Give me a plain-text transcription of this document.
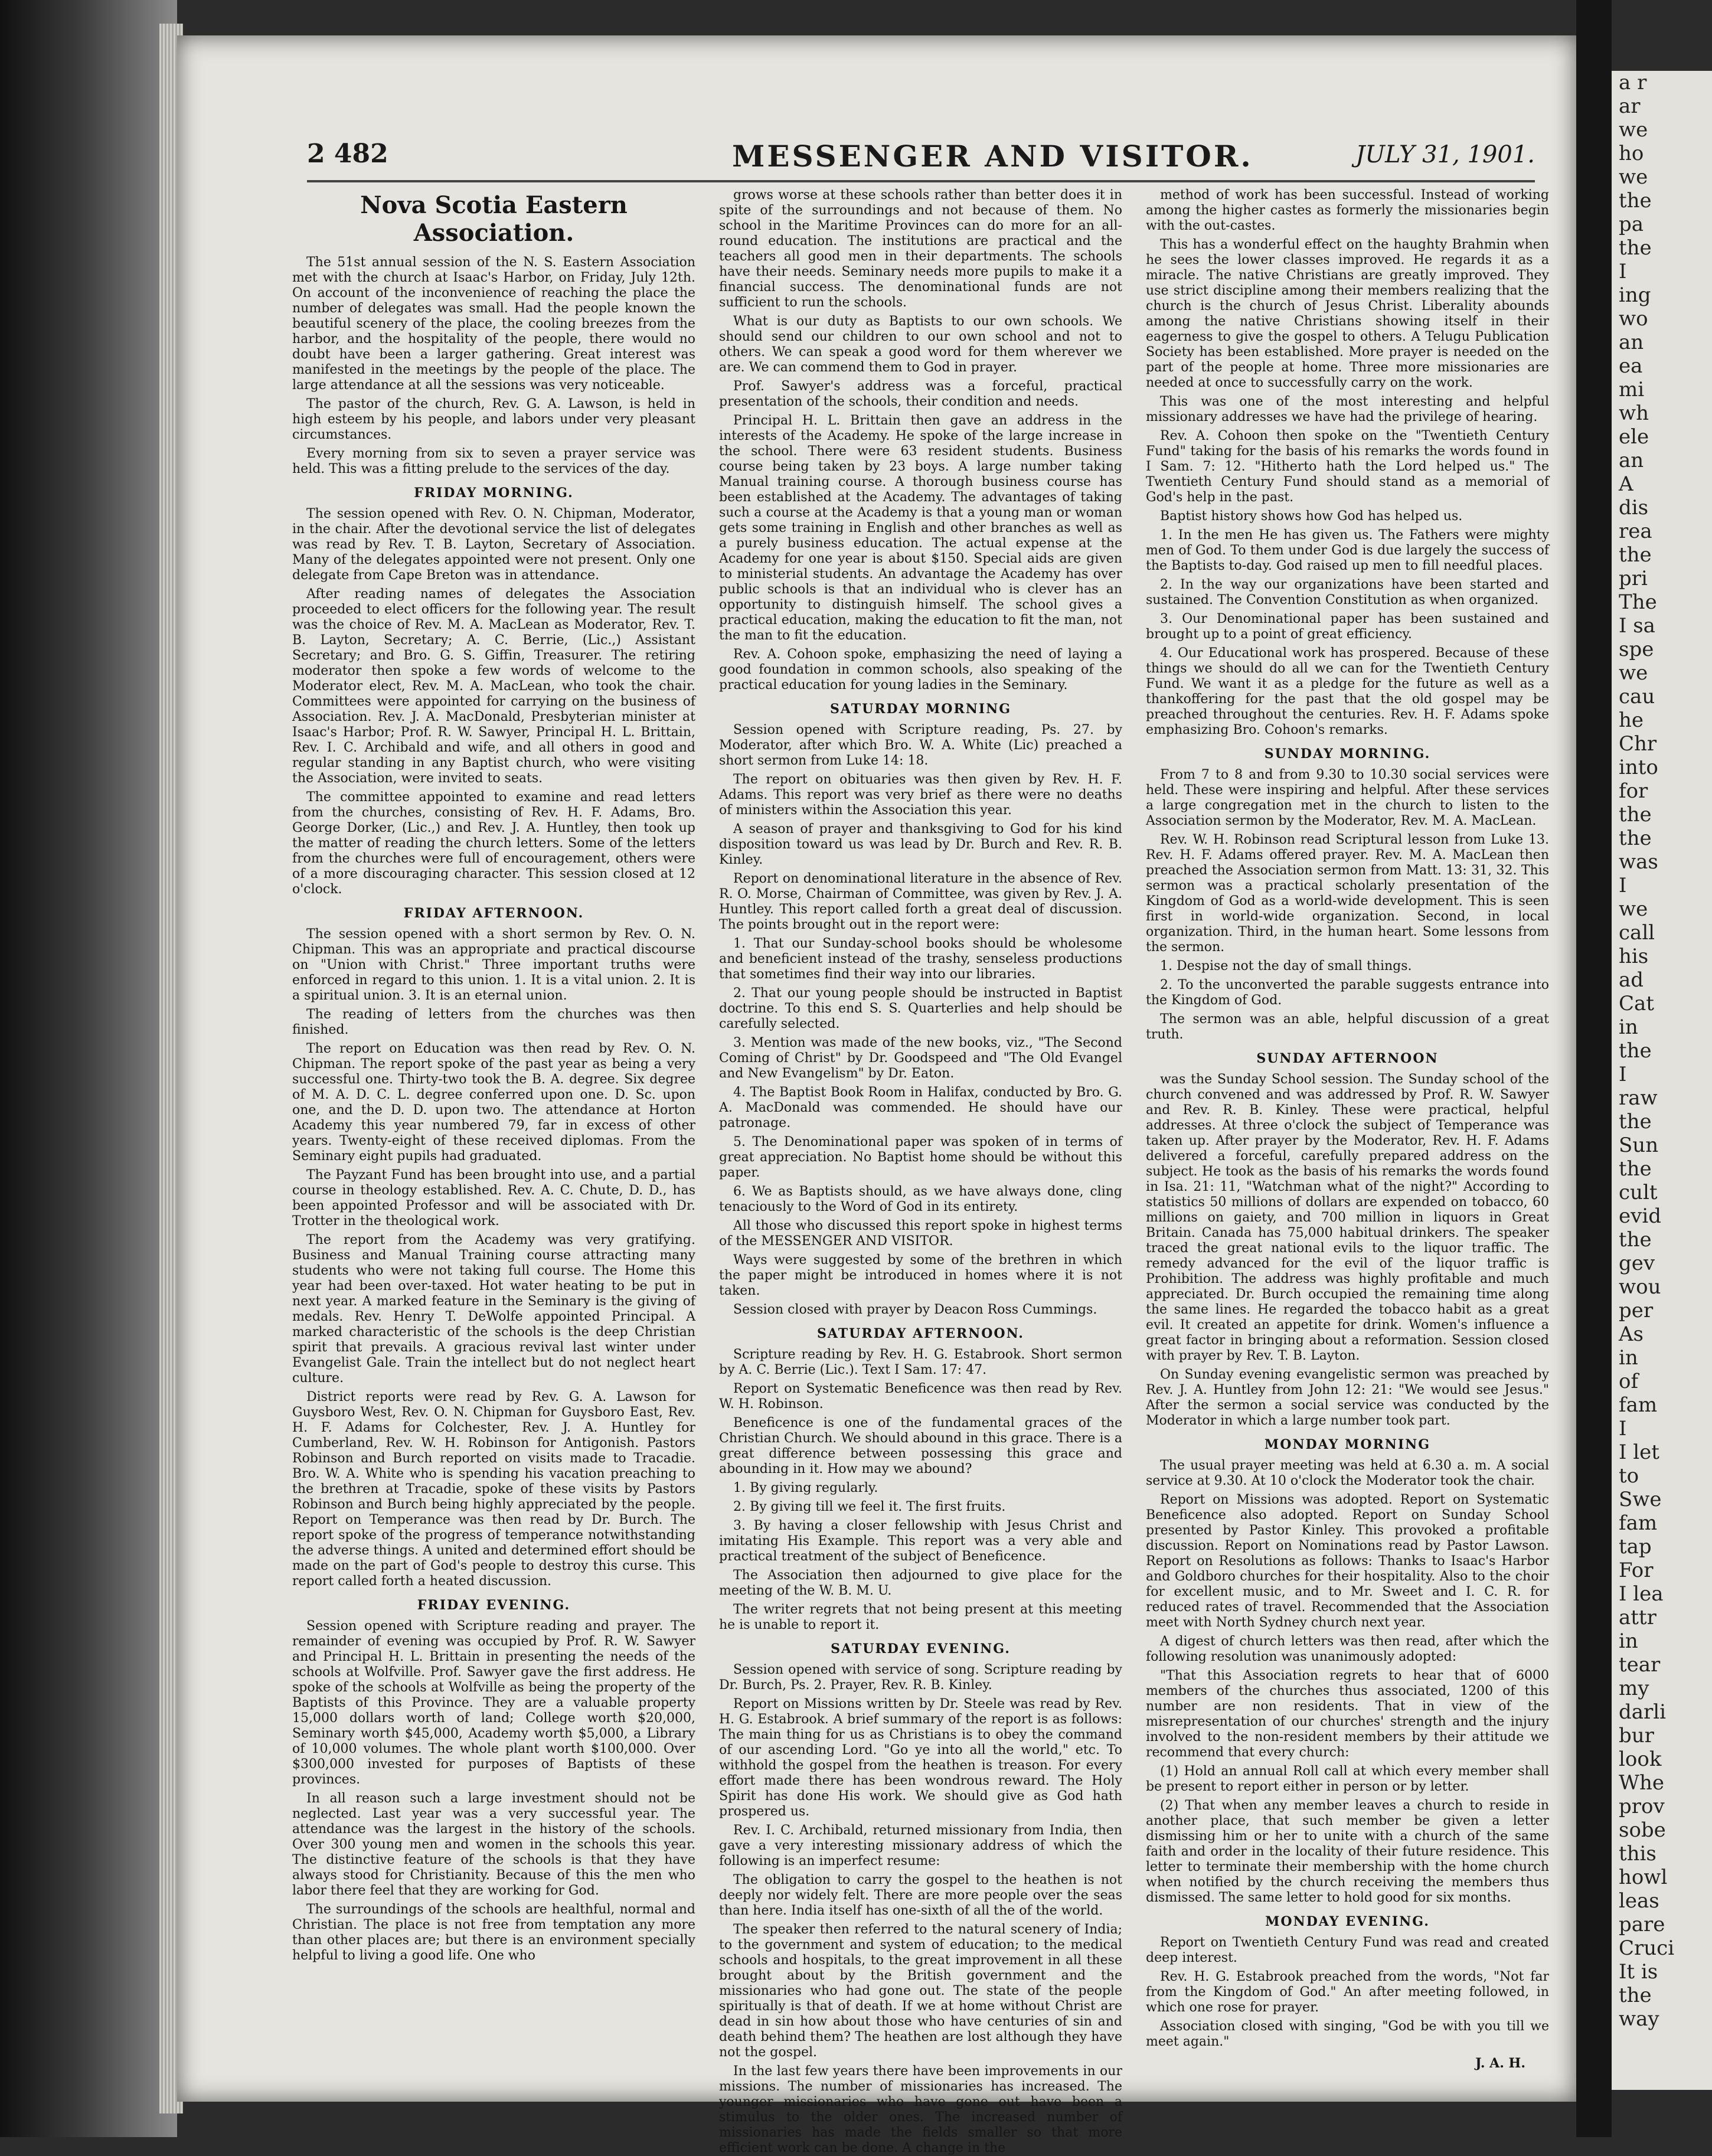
2 482	MESSENGER AND VISITOR.	JULY 31, 1901.
Nova Scotia Eastern Association.

The 51st annual session of the N. S. Eastern Association met with the church at Isaac's Harbor, on Friday, July 12th. On account of the inconvenience of reaching the place the number of delegates was small. Had the people known the beautiful scenery of the place, the cooling breezes from the harbor, and the hospitality of the people, there would no doubt have been a larger gathering. Great interest was manifested in the meetings by the people of the place. The large attendance at all the sessions was very noticeable.

The pastor of the church, Rev. G. A. Lawson, is held in high esteem by his people, and labors under very pleasant circumstances.

Every morning from six to seven a prayer service was held. This was a fitting prelude to the services of the day.

FRIDAY MORNING.

The session opened with Rev. O. N. Chipman, Moderator, in the chair. After the devotional service the list of delegates was read by Rev. T. B. Layton, Secretary of Association. Many of the delegates appointed were not present. Only one delegate from Cape Breton was in attendance.

After reading names of delegates the Association proceeded to elect officers for the following year. The result was the choice of Rev. M. A. MacLean as Moderator, Rev. T. B. Layton, Secretary; A. C. Berrie, (Lic.,) Assistant Secretary; and Bro. G. S. Giffin, Treasurer. The retiring moderator then spoke a few words of welcome to the Moderator elect, Rev. M. A. MacLean, who took the chair. Committees were appointed for carrying on the business of Association. Rev. J. A. MacDonald, Presbyterian minister at Isaac's Harbor; Prof. R. W. Sawyer, Principal H. L. Brittain, Rev. I. C. Archibald and wife, and all others in good and regular standing in any Baptist church, who were visiting the Association, were invited to seats.

The committee appointed to examine and read letters from the churches, consisting of Rev. H. F. Adams, Bro. George Dorker, (Lic.,) and Rev. J. A. Huntley, then took up the matter of reading the church letters. Some of the letters from the churches were full of encouragement, others were of a more discouraging character. This session closed at 12 o'clock.

FRIDAY AFTERNOON.

The session opened with a short sermon by Rev. O. N. Chipman. This was an appropriate and practical discourse on "Union with Christ." Three important truths were enforced in regard to this union. 1. It is a vital union. 2. It is a spiritual union. 3. It is an eternal union.

The reading of letters from the churches was then finished.

The report on Education was then read by Rev. O. N. Chipman. The report spoke of the past year as being a very successful one. Thirty-two took the B. A. degree. Six degree of M. A. D. C. L. degree conferred upon one. D. Sc. upon one, and the D. D. upon two. The attendance at Horton Academy this year numbered 79, far in excess of other years. Twenty-eight of these received diplomas. From the Seminary eight pupils had graduated.

The Payzant Fund has been brought into use, and a partial course in theology established. Rev. A. C. Chute, D. D., has been appointed Professor and will be associated with Dr. Trotter in the theological work.

The report from the Academy was very gratifying. Business and Manual Training course attracting many students who were not taking full course. The Home this year had been over-taxed. Hot water heating to be put in next year. A marked feature in the Seminary is the giving of medals. Rev. Henry T. DeWolfe appointed Principal. A marked characteristic of the schools is the deep Christian spirit that prevails. A gracious revival last winter under Evangelist Gale. Train the intellect but do not neglect heart culture.

District reports were read by Rev. G. A. Lawson for Guysboro West, Rev. O. N. Chipman for Guysboro East, Rev. H. F. Adams for Colchester, Rev. J. A. Huntley for Cumberland, Rev. W. H. Robinson for Antigonish. Pastors Robinson and Burch reported on visits made to Tracadie. Bro. W. A. White who is spending his vacation preaching to the brethren at Tracadie, spoke of these visits by Pastors Robinson and Burch being highly appreciated by the people. Report on Temperance was then read by Dr. Burch. The report spoke of the progress of temperance notwithstanding the adverse things. A united and determined effort should be made on the part of God's people to destroy this curse. This report called forth a heated discussion.

FRIDAY EVENING.

Session opened with Scripture reading and prayer. The remainder of evening was occupied by Prof. R. W. Sawyer and Principal H. L. Brittain in presenting the needs of the schools at Wolfville. Prof. Sawyer gave the first address. He spoke of the schools at Wolfville as being the property of the Baptists of this Province. They are a valuable property 15,000 dollars worth of land; College worth $20,000, Seminary worth $45,000, Academy worth $5,000, a Library of 10,000 volumes. The whole plant worth $100,000. Over $300,000 invested for purposes of Baptists of these provinces.

In all reason such a large investment should not be neglected. Last year was a very successful year. The attendance was the largest in the history of the schools. Over 300 young men and women in the schools this year. The distinctive feature of the schools is that they have always stood for Christianity. Because of this the men who labor there feel that they are working for God.

The surroundings of the schools are healthful, normal and Christian. The place is not free from temptation any more than other places are; but there is an environment specially helpful to living a good life. One who

grows worse at these schools rather than better does it in spite of the surroundings and not because of them. No school in the Maritime Provinces can do more for an all-round education. The institutions are practical and the teachers all good men in their departments. The schools have their needs. Seminary needs more pupils to make it a financial success. The denominational funds are not sufficient to run the schools.

What is our duty as Baptists to our own schools. We should send our children to our own school and not to others. We can speak a good word for them wherever we are. We can commend them to God in prayer.

Prof. Sawyer's address was a forceful, practical presentation of the schools, their condition and needs.

Principal H. L. Brittain then gave an address in the interests of the Academy. He spoke of the large increase in the school. There were 63 resident students. Business course being taken by 23 boys. A large number taking Manual training course. A thorough business course has been established at the Academy. The advantages of taking such a course at the Academy is that a young man or woman gets some training in English and other branches as well as a purely business education. The actual expense at the Academy for one year is about $150. Special aids are given to ministerial students. An advantage the Academy has over public schools is that an individual who is clever has an opportunity to distinguish himself. The school gives a practical education, making the education to fit the man, not the man to fit the education.

Rev. A. Cohoon spoke, emphasizing the need of laying a good foundation in common schools, also speaking of the practical education for young ladies in the Seminary.

SATURDAY MORNING

Session opened with Scripture reading, Ps. 27. by Moderator, after which Bro. W. A. White (Lic) preached a short sermon from Luke 14: 18.

The report on obituaries was then given by Rev. H. F. Adams. This report was very brief as there were no deaths of ministers within the Association this year.

A season of prayer and thanksgiving to God for his kind disposition toward us was lead by Dr. Burch and Rev. R. B. Kinley.

Report on denominational literature in the absence of Rev. R. O. Morse, Chairman of Committee, was given by Rev. J. A. Huntley. This report called forth a great deal of discussion. The points brought out in the report were:

1. That our Sunday-school books should be wholesome and beneficient instead of the trashy, senseless productions that sometimes find their way into our libraries.

2. That our young people should be instructed in Baptist doctrine. To this end S. S. Quarterlies and help should be carefully selected.

3. Mention was made of the new books, viz., "The Second Coming of Christ" by Dr. Goodspeed and "The Old Evangel and New Evangelism" by Dr. Eaton.

4. The Baptist Book Room in Halifax, conducted by Bro. G. A. MacDonald was commended. He should have our patronage.

5. The Denominational paper was spoken of in terms of great appreciation. No Baptist home should be without this paper.

6. We as Baptists should, as we have always done, cling tenaciously to the Word of God in its entirety.

All those who discussed this report spoke in highest terms of the MESSENGER AND VISITOR.

Ways were suggested by some of the brethren in which the paper might be introduced in homes where it is not taken.

Session closed with prayer by Deacon Ross Cummings.

SATURDAY AFTERNOON.

Scripture reading by Rev. H. G. Estabrook. Short sermon by A. C. Berrie (Lic.). Text I Sam. 17: 47.

Report on Systematic Beneficence was then read by Rev. W. H. Robinson.

Beneficence is one of the fundamental graces of the Christian Church. We should abound in this grace. There is a great difference between possessing this grace and abounding in it. How may we abound?

1. By giving regularly.

2. By giving till we feel it. The first fruits.

3. By having a closer fellowship with Jesus Christ and imitating His Example. This report was a very able and practical treatment of the subject of Beneficence.

The Association then adjourned to give place for the meeting of the W. B. M. U.

The writer regrets that not being present at this meeting he is unable to report it.

SATURDAY EVENING.

Session opened with service of song. Scripture reading by Dr. Burch, Ps. 2. Prayer, Rev. R. B. Kinley.

Report on Missions written by Dr. Steele was read by Rev. H. G. Estabrook. A brief summary of the report is as follows: The main thing for us as Christians is to obey the command of our ascending Lord. "Go ye into all the world," etc. To withhold the gospel from the heathen is treason. For every effort made there has been wondrous reward. The Holy Spirit has done His work. We should give as God hath prospered us.

Rev. I. C. Archibald, returned missionary from India, then gave a very interesting missionary address of which the following is an imperfect resume:

The obligation to carry the gospel to the heathen is not deeply nor widely felt. There are more people over the seas than here. India itself has one-sixth of all the of the world.

The speaker then referred to the natural scenery of India; to the government and system of education; to the medical schools and hospitals, to the great improvement in all these brought about by the British government and the missionaries who had gone out. The state of the people spiritually is that of death. If we at home without Christ are dead in sin how about those who have centuries of sin and death behind them? The heathen are lost although they have not the gospel.

In the last few years there have been improvements in our missions. The number of missionaries has increased. The younger missionaries who have gone out have been a stimulus to the older ones. The increased number of missionaries has made the fields smaller so that more efficient work can be done. A change in the

method of work has been successful. Instead of working among the higher castes as formerly the missionaries begin with the out-castes.

This has a wonderful effect on the haughty Brahmin when he sees the lower classes improved. He regards it as a miracle. The native Christians are greatly improved. They use strict discipline among their members realizing that the church is the church of Jesus Christ. Liberality abounds among the native Christians showing itself in their eagerness to give the gospel to others. A Telugu Publication Society has been established. More prayer is needed on the part of the people at home. Three more missionaries are needed at once to successfully carry on the work.

This was one of the most interesting and helpful missionary addresses we have had the privilege of hearing.

Rev. A. Cohoon then spoke on the "Twentieth Century Fund" taking for the basis of his remarks the words found in I Sam. 7: 12. "Hitherto hath the Lord helped us." The Twentieth Century Fund should stand as a memorial of God's help in the past.

Baptist history shows how God has helped us.

1. In the men He has given us. The Fathers were mighty men of God. To them under God is due largely the success of the Baptists to-day. God raised up men to fill needful places.

2. In the way our organizations have been started and sustained. The Convention Constitution as when organized.

3. Our Denominational paper has been sustained and brought up to a point of great efficiency.

4. Our Educational work has prospered. Because of these things we should do all we can for the Twentieth Century Fund. We want it as a pledge for the future as well as a thankoffering for the past that the old gospel may be preached throughout the centuries. Rev. H. F. Adams spoke emphasizing Bro. Cohoon's remarks.

SUNDAY MORNING.

From 7 to 8 and from 9.30 to 10.30 social services were held. These were inspiring and helpful. After these services a large congregation met in the church to listen to the Association sermon by the Moderator, Rev. M. A. MacLean.

Rev. W. H. Robinson read Scriptural lesson from Luke 13. Rev. H. F. Adams offered prayer. Rev. M. A. MacLean then preached the Association sermon from Matt. 13: 31, 32. This sermon was a practical scholarly presentation of the Kingdom of God as a world-wide development. This is seen first in world-wide organization. Second, in local organization. Third, in the human heart. Some lessons from the sermon.

1. Despise not the day of small things.

2. To the unconverted the parable suggests entrance into the Kingdom of God.

The sermon was an able, helpful discussion of a great truth.

SUNDAY AFTERNOON

was the Sunday School session. The Sunday school of the church convened and was addressed by Prof. R. W. Sawyer and Rev. R. B. Kinley. These were practical, helpful addresses. At three o'clock the subject of Temperance was taken up. After prayer by the Moderator, Rev. H. F. Adams delivered a forceful, carefully prepared address on the subject. He took as the basis of his remarks the words found in Isa. 21: 11, "Watchman what of the night?" According to statistics 50 millions of dollars are expended on tobacco, 60 millions on gaiety, and 700 million in liquors in Great Britain. Canada has 75,000 habitual drinkers. The speaker traced the great national evils to the liquor traffic. The remedy advanced for the evil of the liquor traffic is Prohibition. The address was highly profitable and much appreciated. Dr. Burch occupied the remaining time along the same lines. He regarded the tobacco habit as a great evil. It created an appetite for drink. Women's influence a great factor in bringing about a reformation. Session closed with prayer by Rev. T. B. Layton.

On Sunday evening evangelistic sermon was preached by Rev. J. A. Huntley from John 12: 21: "We would see Jesus." After the sermon a social service was conducted by the Moderator in which a large number took part.

MONDAY MORNING

The usual prayer meeting was held at 6.30 a. m. A social service at 9.30. At 10 o'clock the Moderator took the chair.

Report on Missions was adopted. Report on Systematic Beneficence also adopted. Report on Sunday School presented by Pastor Kinley. This provoked a profitable discussion. Report on Nominations read by Pastor Lawson. Report on Resolutions as follows: Thanks to Isaac's Harbor and Goldboro churches for their hospitality. Also to the choir for excellent music, and to Mr. Sweet and I. C. R. for reduced rates of travel. Recommended that the Association meet with North Sydney church next year.

A digest of church letters was then read, after which the following resolution was unanimously adopted:

"That this Association regrets to hear that of 6000 members of the churches thus associated, 1200 of this number are non residents. That in view of the misrepresentation of our churches' strength and the injury involved to the non-resident members by their attitude we recommend that every church:

(1) Hold an annual Roll call at which every member shall be present to report either in person or by letter.

(2) That when any member leaves a church to reside in another place, that such member be given a letter dismissing him or her to unite with a church of the same faith and order in the locality of their future residence. This letter to terminate their membership with the home church when notified by the church receiving the members thus dismissed. The same letter to hold good for six months.

MONDAY EVENING.

Report on Twentieth Century Fund was read and created deep interest.

Rev. H. G. Estabrook preached from the words, "Not far from the Kingdom of God." An after meeting followed, in which one rose for prayer.

Association closed with singing, "God be with you till we meet again."

J. A. H.
a r
ar
we
ho
we
the
pa
the
I
ing
wo
an
ea
mi
wh
ele
an
A
dis
rea
the
pri
The
I sa
spe
we
cau
he
Chr
into
for
the
the
was
I
we
call
his
ad
Cat
in
the
I
raw
the
Sun
the
cult
evid
the
gev
wou
per
As
in
of
fam
I
I let
to
Swe
fam
tap
For
I lea
attr
in
tear
my
darli
bur
look
Whe
prov
sobe
this
howl
leas
pare
Cruci
It is
the
way
